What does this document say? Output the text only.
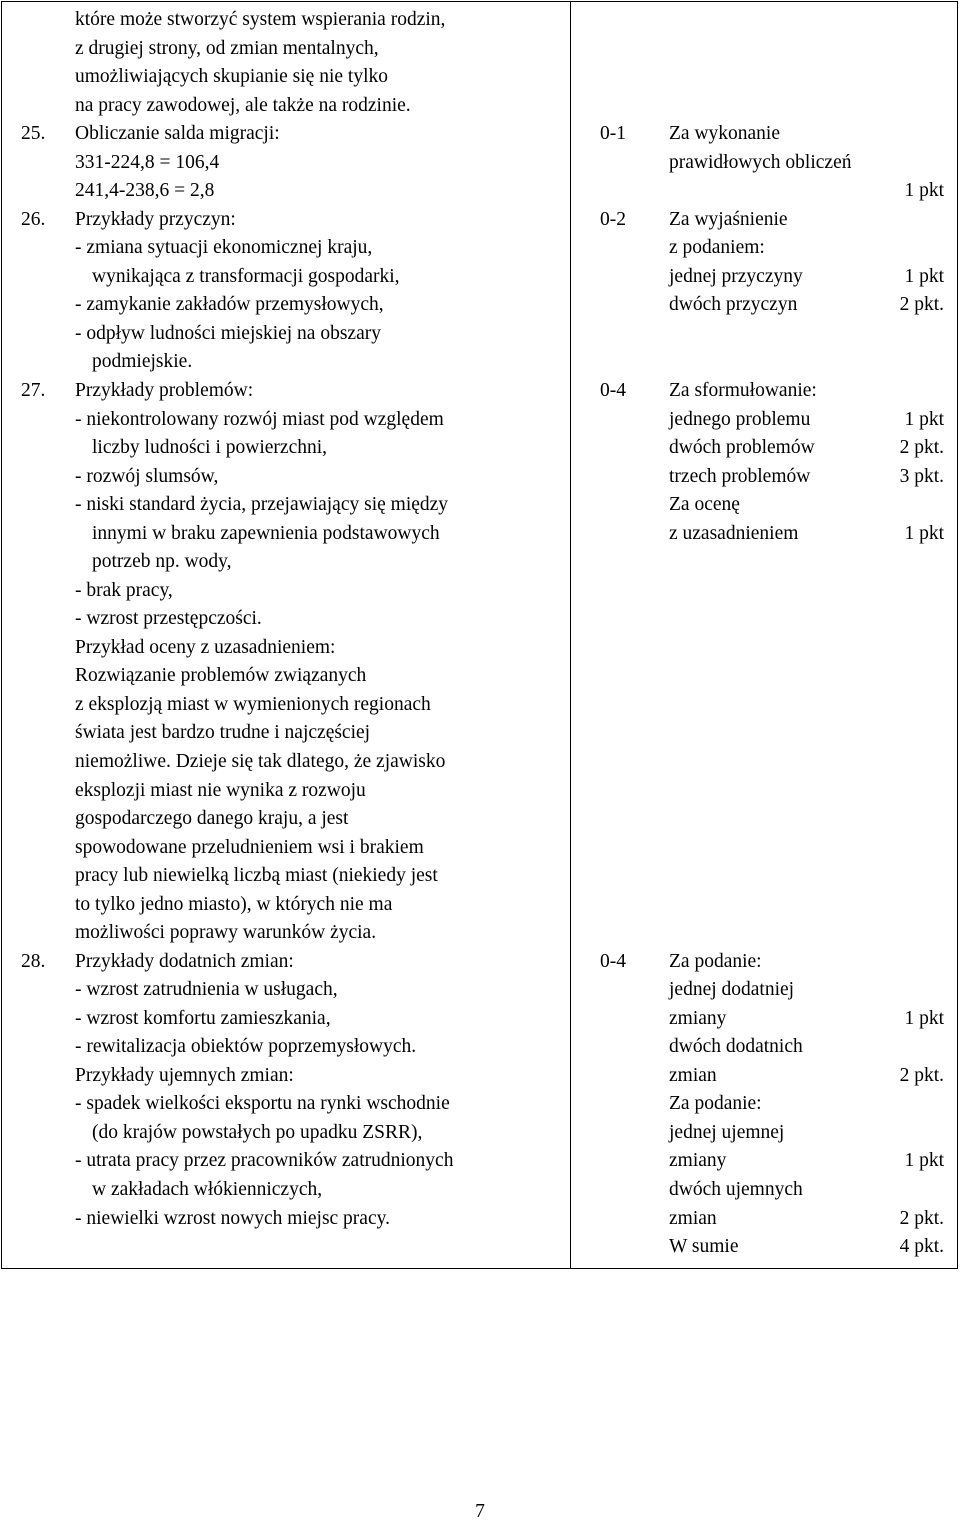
które może stworzyć system wspierania rodzin,
z drugiej strony, od zmian mentalnych,
umożliwiających skupianie się nie tylko
na pracy zawodowej, ale także na rodzinie.
25. Obliczanie salda migracji:
331-224,8 = 106,4
241,4-238,6 = 2,8
0-1 Za wykonanie
prawidłowych obliczeń
1 pkt
26. Przykłady przyczyn:
- zmiana sytuacji ekonomicznej kraju,
wynikająca z transformacji gospodarki,
- zamykanie zakładów przemysłowych,
- odpływ ludności miejskiej na obszary
podmiejskie.
0-2 Za wyjaśnienie
z podaniem:
jednej przyczyny
dwóch przyczyn
1 pkt
2 pkt.
27. Przykłady problemów:
- niekontrolowany rozwój miast pod względem
liczby ludności i powierzchni,
- rozwój slumsów,
- niski standard życia, przejawiający się między
innymi w braku zapewnienia podstawowych
potrzeb np. wody,
- brak pracy,
- wzrost przestępczości.
Przykład oceny z uzasadnieniem:
Rozwiązanie problemów związanych
z eksplozją miast w wymienionych regionach
świata jest bardzo trudne i najczęściej
niemożliwe. Dzieje się tak dlatego, że zjawisko
eksplozji miast nie wynika z rozwoju
gospodarczego danego kraju, a jest
spowodowane przeludnieniem wsi i brakiem
pracy lub niewielką liczbą miast (niekiedy jest
to tylko jedno miasto), w których nie ma
możliwości poprawy warunków życia.
0-4 Za sformułowanie:
jednego problemu
dwóch problemów
trzech problemów
Za ocenę
z uzasadnieniem
1 pkt
2 pkt.
3 pkt.
1 pkt
28. Przykłady dodatnich zmian:
- wzrost zatrudnienia w usługach,
- wzrost komfortu zamieszkania,
- rewitalizacja obiektów poprzemysłowych.
Przykłady ujemnych zmian:
- spadek wielkości eksportu na rynki wschodnie
(do krajów powstałych po upadku ZSRR),
- utrata pracy przez pracowników zatrudnionych
w zakładach włókienniczych,
- niewielki wzrost nowych miejsc pracy.
0-4 Za podanie:
jednej dodatniej
zmiany
dwóch dodatnich
zmian
Za podanie:
jednej ujemnej
zmiany
dwóch ujemnych
zmian
W sumie
1 pkt
2 pkt.
1 pkt
2 pkt.
4 pkt.
7
